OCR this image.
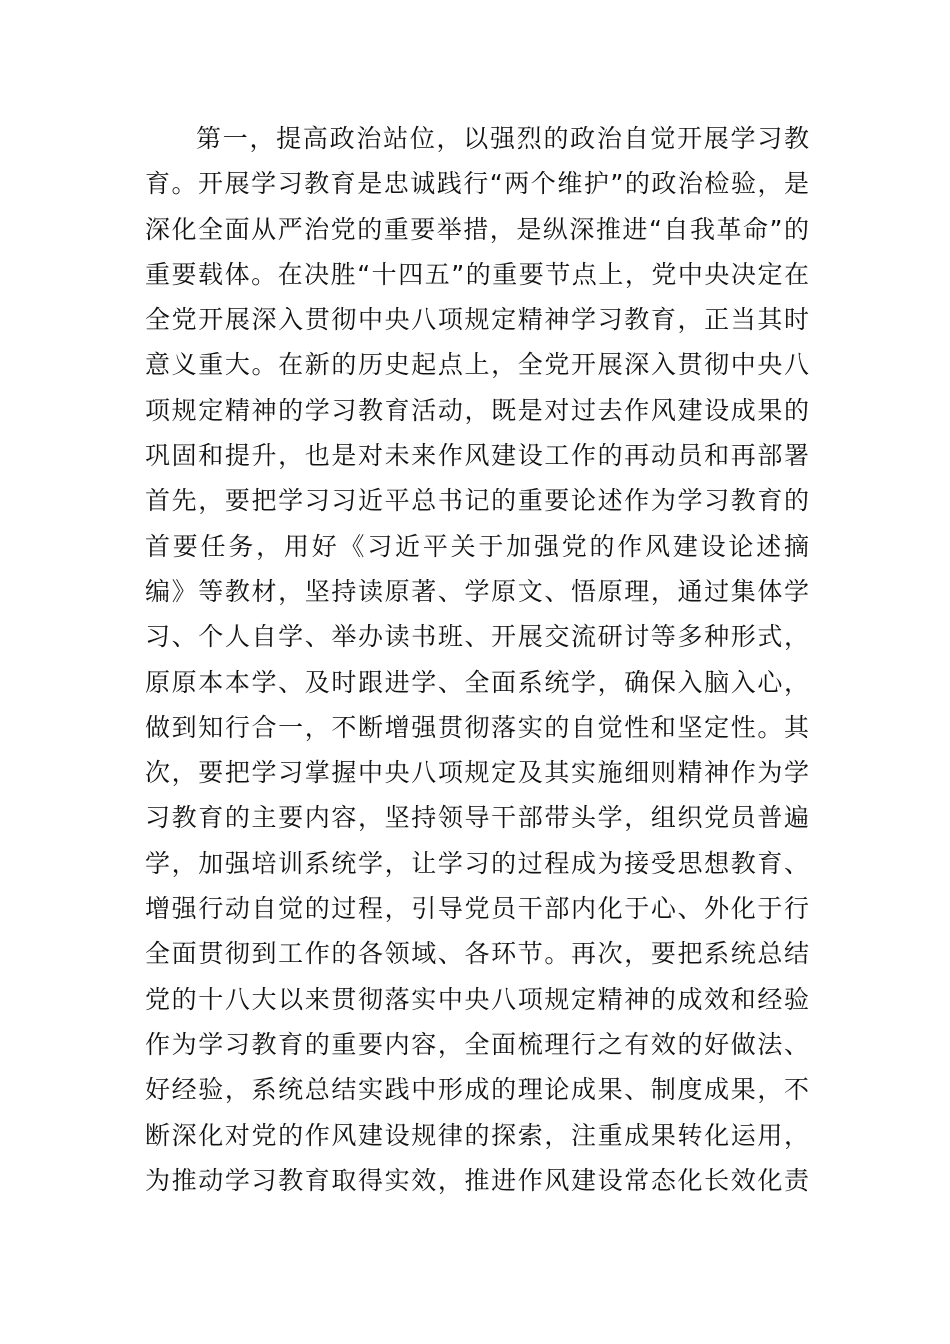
第一，提高政治站位，以强烈的政治自觉开展学习教
育。开展学习教育是忠诚践行“两个维护”的政治检验，是
深化全面从严治党的重要举措，是纵深推进“自我革命”的
重要载体。在决胜“十四五”的重要节点上，党中央决定在
全党开展深入贯彻中央八项规定精神学习教育，正当其时
意义重大。在新的历史起点上，全党开展深入贯彻中央八
项规定精神的学习教育活动，既是对过去作风建设成果的
巩固和提升，也是对未来作风建设工作的再动员和再部署
首先，要把学习习近平总书记的重要论述作为学习教育的
首要任务，用好《习近平关于加强党的作风建设论述摘
编》等教材，坚持读原著、学原文、悟原理，通过集体学
习、个人自学、举办读书班、开展交流研讨等多种形式，
原原本本学、及时跟进学、全面系统学，确保入脑入心，
做到知行合一，不断增强贯彻落实的自觉性和坚定性。其
次，要把学习掌握中央八项规定及其实施细则精神作为学
习教育的主要内容，坚持领导干部带头学，组织党员普遍
学，加强培训系统学，让学习的过程成为接受思想教育、
增强行动自觉的过程，引导党员干部内化于心、外化于行
全面贯彻到工作的各领域、各环节。再次，要把系统总结
党的十八大以来贯彻落实中央八项规定精神的成效和经验
作为学习教育的重要内容，全面梳理行之有效的好做法、
好经验，系统总结实践中形成的理论成果、制度成果，不
断深化对党的作风建设规律的探索，注重成果转化运用，
为推动学习教育取得实效，推进作风建设常态化长效化责
